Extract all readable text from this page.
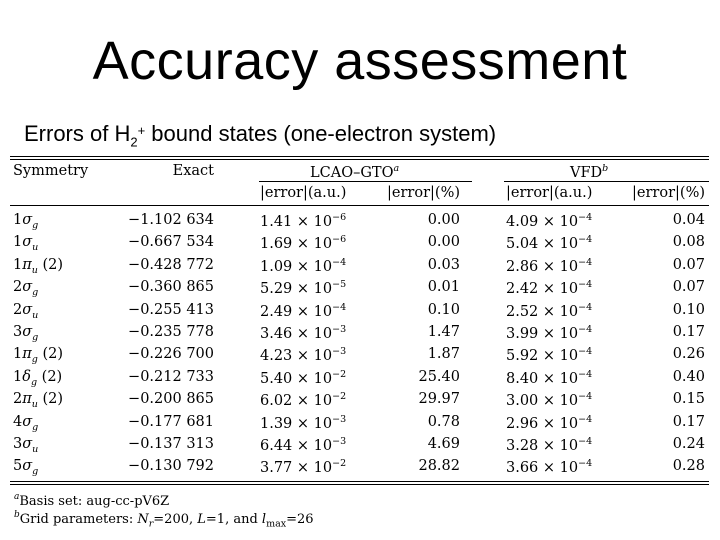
Accuracy assessment
Errors of $H_2^+$ bound states (one-electron system)
Symmetry	Exact	LCAO–GTO$^a$	VFD$^b$
|error|(a.u.)	|error|(%)	|error|(a.u.)	|error|(%)
$1\sigma_g$	−1.102 634	$1.41 \times 10^{-6}$	0.00	$4.09 \times 10^{-4}$	0.04
$1\sigma_u$	−0.667 534	$1.69 \times 10^{-6}$	0.00	$5.04 \times 10^{-4}$	0.08
$1\pi_u$ (2)	−0.428 772	$1.09 \times 10^{-4}$	0.03	$2.86 \times 10^{-4}$	0.07
$2\sigma_g$	−0.360 865	$5.29 \times 10^{-5}$	0.01	$2.42 \times 10^{-4}$	0.07
$2\sigma_u$	−0.255 413	$2.49 \times 10^{-4}$	0.10	$2.52 \times 10^{-4}$	0.10
$3\sigma_g$	−0.235 778	$3.46 \times 10^{-3}$	1.47	$3.99 \times 10^{-4}$	0.17
$1\pi_g$ (2)	−0.226 700	$4.23 \times 10^{-3}$	1.87	$5.92 \times 10^{-4}$	0.26
$1\delta_g$ (2)	−0.212 733	$5.40 \times 10^{-2}$	25.40	$8.40 \times 10^{-4}$	0.40
$2\pi_u$ (2)	−0.200 865	$6.02 \times 10^{-2}$	29.97	$3.00 \times 10^{-4}$	0.15
$4\sigma_g$	−0.177 681	$1.39 \times 10^{-3}$	0.78	$2.96 \times 10^{-4}$	0.17
$3\sigma_u$	−0.137 313	$6.44 \times 10^{-3}$	4.69	$3.28 \times 10^{-4}$	0.24
$5\sigma_g$	−0.130 792	$3.77 \times 10^{-2}$	28.82	$3.66 \times 10^{-4}$	0.28
$^a$Basis set: aug-cc-pV6Z
$^b$Grid parameters: $N_r=200$, L=1, and $l_{max}=26$
